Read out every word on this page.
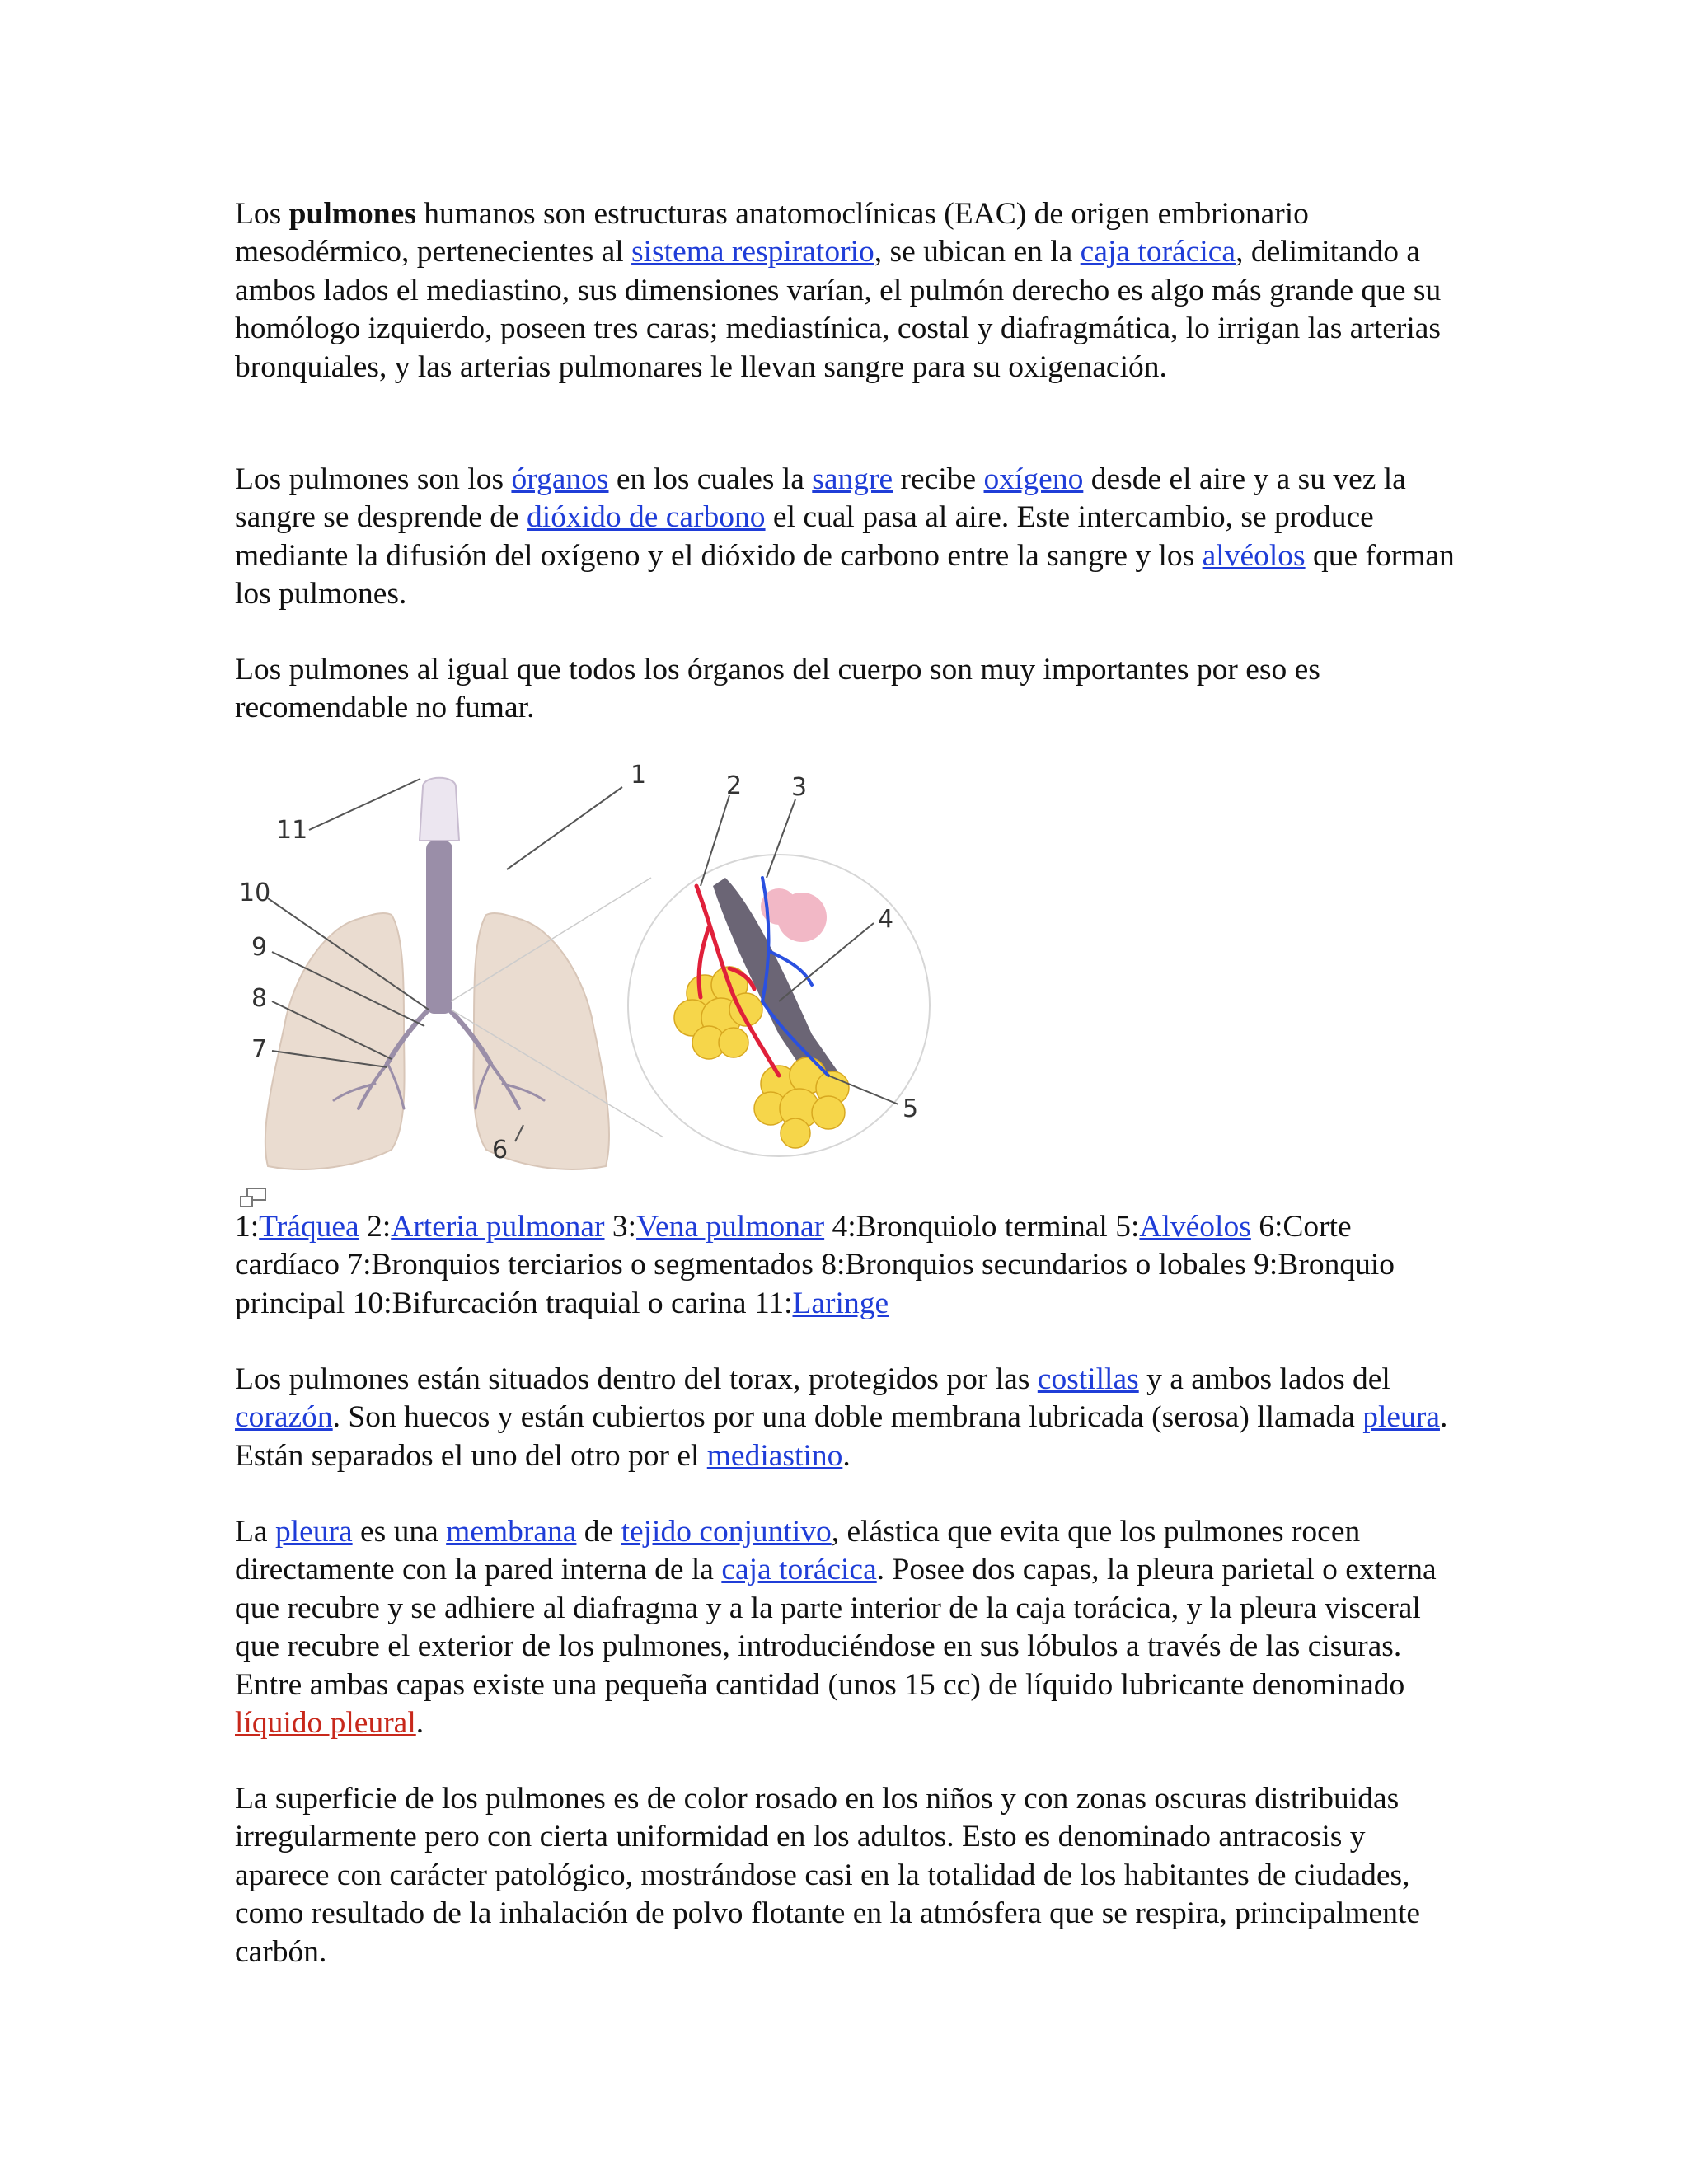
Los pulmones humanos son estructuras anatomoclínicas (EAC) de origen embrionario mesodérmico, pertenecientes al sistema respiratorio, se ubican en la caja torácica, delimitando a ambos lados el mediastino, sus dimensiones varían, el pulmón derecho es algo más grande que su homólogo izquierdo, poseen tres caras; mediastínica, costal y diafragmática, lo irrigan las arterias bronquiales, y las arterias pulmonares le llevan sangre para su oxigenación.

Los pulmones son los órganos en los cuales la sangre recibe oxígeno desde el aire y a su vez la sangre se desprende de dióxido de carbono el cual pasa al aire. Este intercambio, se produce mediante la difusión del oxígeno y el dióxido de carbono entre la sangre y los alvéolos que forman los pulmones.

Los pulmones al igual que todos los órganos del cuerpo son muy importantes por eso es recomendable no fumar.

1	2 3
4
5
6
7
8
9
10
11

1:Tráquea 2:Arteria pulmonar 3:Vena pulmonar 4:Bronquiolo terminal 5:Alvéolos 6:Corte cardíaco 7:Bronquios terciarios o segmentados 8:Bronquios secundarios o lobales 9:Bronquio principal 10:Bifurcación traquial o carina 11:Laringe

Los pulmones están situados dentro del torax, protegidos por las costillas y a ambos lados del corazón. Son huecos y están cubiertos por una doble membrana lubricada (serosa) llamada pleura. Están separados el uno del otro por el mediastino.

La pleura es una membrana de tejido conjuntivo, elástica que evita que los pulmones rocen directamente con la pared interna de la caja torácica. Posee dos capas, la pleura parietal o externa que recubre y se adhiere al diafragma y a la parte interior de la caja torácica, y la pleura visceral que recubre el exterior de los pulmones, introduciéndose en sus lóbulos a través de las cisuras. Entre ambas capas existe una pequeña cantidad (unos 15 cc) de líquido lubricante denominado líquido pleural.

La superficie de los pulmones es de color rosado en los niños y con zonas oscuras distribuidas irregularmente pero con cierta uniformidad en los adultos. Esto es denominado antracosis y aparece con carácter patológico, mostrándose casi en la totalidad de los habitantes de ciudades, como resultado de la inhalación de polvo flotante en la atmósfera que se respira, principalmente carbón.
